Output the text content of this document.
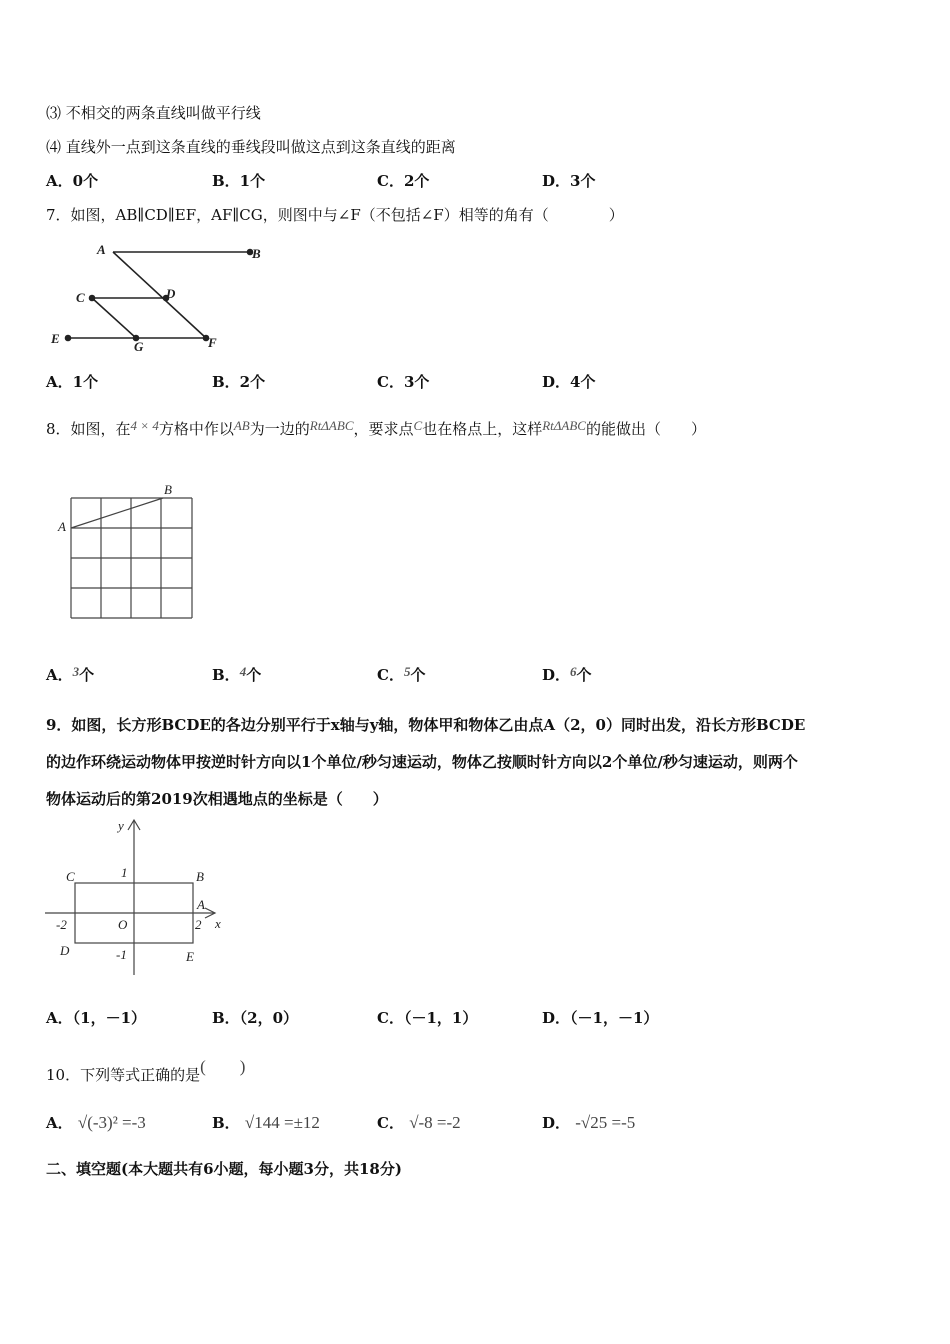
⑶ 不相交的两条直线叫做平行线
⑷ 直线外一点到这条直线的垂线段叫做这点到这条直线的距离
A．0个	B．1个	C．2个	D．3个
7．如图，AB∥CD∥EF，AF∥CG，则图中与∠F（不包括∠F）相等的角有（　　　　）
A	B
C	D
E
G	F
A．1个	B．2个	C．3个	D．4个
8．如图，在4 × 4方格中作以AB为一边的RtΔABC，要求点C也在格点上，这样RtΔABC的能做出（　　）
A
B
A．3个	B．4个	C．5个	D．6个
9．如图，长方形BCDE的各边分别平行于x轴与y轴，物体甲和物体乙由点A（2，0）同时出发，沿长方形BCDE
的边作环绕运动物体甲按逆时针方向以1个单位/秒匀速运动，物体乙按顺时针方向以2个单位/秒匀速运动，则两个
物体运动后的第2019次相遇地点的坐标是（　　）
y
x
C	B
D	E
A
O
1
-1
2
-2
A．（1，－1）	B．（2，0）	C．（－1，1）	D．（－1，－1）
10．下列等式正确的是(　　)
A． √(-3)² =-3	B． √144 =±12	C． √-8 =-2	D． -√25 =-5
二、填空题(本大题共有6小题，每小题3分，共18分)
